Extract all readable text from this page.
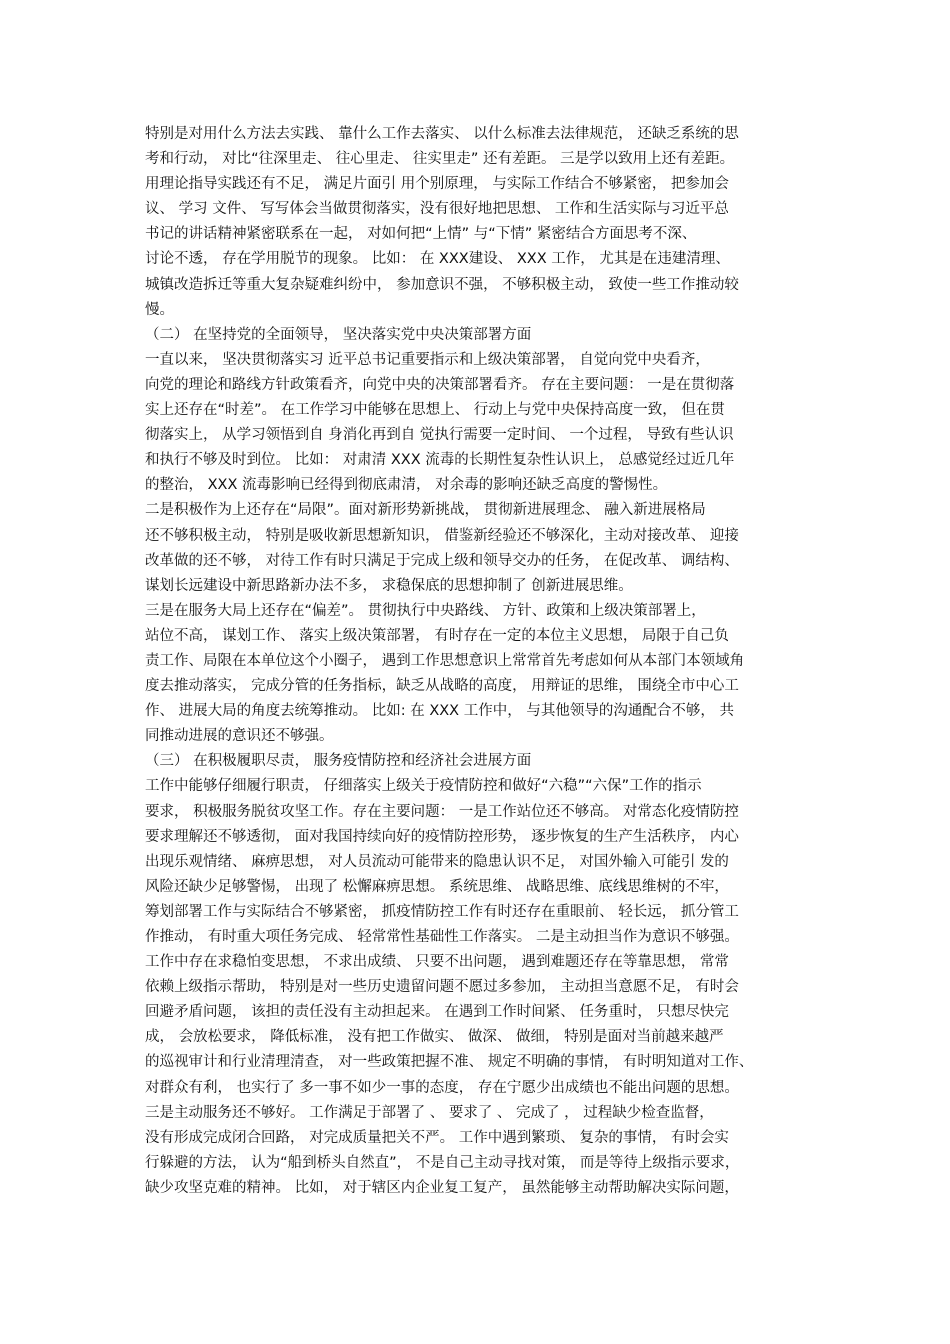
特别是对用什么方法去实践、 靠什么工作去落实、 以什么标准去法律规范， 还缺乏系统的思
考和行动， 对比“往深里走、 往心里走、 往实里走” 还有差距。 三是学以致用上还有差距。
用理论指导实践还有不足， 满足片面引 用个别原理， 与实际工作结合不够紧密， 把参加会
议、 学习 文件、 写写体会当做贯彻落实，没有很好地把思想、 工作和生活实际与习近平总
书记的讲话精神紧密联系在一起， 对如何把“上情” 与“下情” 紧密结合方面思考不深、
讨论不透， 存在学用脱节的现象。 比如： 在 XXX建设、 XXX 工作， 尤其是在违建清理、
城镇改造拆迁等重大复杂疑难纠纷中， 参加意识不强， 不够积极主动， 致使一些工作推动较
慢。
（二） 在坚持党的全面领导， 坚决落实党中央决策部署方面
一直以来， 坚决贯彻落实习 近平总书记重要指示和上级决策部署， 自觉向党中央看齐，
向党的理论和路线方针政策看齐，向党中央的决策部署看齐。 存在主要问题： 一是在贯彻落
实上还存在“时差”。 在工作学习中能够在思想上、 行动上与党中央保持高度一致， 但在贯
彻落实上， 从学习领悟到自 身消化再到自 觉执行需要一定时间、 一个过程， 导致有些认识
和执行不够及时到位。 比如： 对肃清 XXX 流毒的长期性复杂性认识上， 总感觉经过近几年
的整治， XXX 流毒影响已经得到彻底肃清， 对余毒的影响还缺乏高度的警惕性。
二是积极作为上还存在“局限”。面对新形势新挑战， 贯彻新进展理念、 融入新进展格局
还不够积极主动， 特别是吸收新思想新知识， 借鉴新经验还不够深化，主动对接改革、 迎接
改革做的还不够， 对待工作有时只满足于完成上级和领导交办的任务， 在促改革、 调结构、
谋划长远建设中新思路新办法不多， 求稳保底的思想抑制了 创新进展思维。
三是在服务大局上还存在“偏差”。 贯彻执行中央路线、 方针、政策和上级决策部署上，
站位不高， 谋划工作、 落实上级决策部署， 有时存在一定的本位主义思想， 局限于自己负
责工作、局限在本单位这个小圈子， 遇到工作思想意识上常常首先考虑如何从本部门本领域角
度去推动落实， 完成分管的任务指标，缺乏从战略的高度， 用辩证的思维， 围绕全市中心工
作、 进展大局的角度去统筹推动。 比如: 在 XXX 工作中， 与其他领导的沟通配合不够， 共
同推动进展的意识还不够强。
（三） 在积极履职尽责， 服务疫情防控和经济社会进展方面
工作中能够仔细履行职责， 仔细落实上级关于疫情防控和做好“六稳”“六保”工作的指示
要求， 积极服务脱贫攻坚工作。存在主要问题： 一是工作站位还不够高。 对常态化疫情防控
要求理解还不够透彻， 面对我国持续向好的疫情防控形势， 逐步恢复的生产生活秩序， 内心
出现乐观情绪、 麻痹思想， 对人员流动可能带来的隐患认识不足， 对国外输入可能引 发的
风险还缺少足够警惕， 出现了 松懈麻痹思想。 系统思维、 战略思维、底线思维树的不牢，
筹划部署工作与实际结合不够紧密， 抓疫情防控工作有时还存在重眼前、 轻长远， 抓分管工
作推动， 有时重大项任务完成、 轻常常性基础性工作落实。 二是主动担当作为意识不够强。
工作中存在求稳怕变思想， 不求出成绩、 只要不出问题， 遇到难题还存在等靠思想， 常常
依赖上级指示帮助， 特别是对一些历史遗留问题不愿过多参加， 主动担当意愿不足， 有时会
回避矛盾问题， 该担的责任没有主动担起来。 在遇到工作时间紧、 任务重时， 只想尽快完
成， 会放松要求， 降低标准， 没有把工作做实、 做深、 做细， 特别是面对当前越来越严
的巡视审计和行业清理清查， 对一些政策把握不准、 规定不明确的事情， 有时明知道对工作、
对群众有利， 也实行了 多一事不如少一事的态度， 存在宁愿少出成绩也不能出问题的思想。
三是主动服务还不够好。 工作满足于部署了 、 要求了 、 完成了 ， 过程缺少检查监督，
没有形成完成闭合回路， 对完成质量把关不严。 工作中遇到繁琐、 复杂的事情， 有时会实
行躲避的方法， 认为“船到桥头自然直”， 不是自己主动寻找对策， 而是等待上级指示要求，
缺少攻坚克难的精神。 比如， 对于辖区内企业复工复产， 虽然能够主动帮助解决实际问题，
